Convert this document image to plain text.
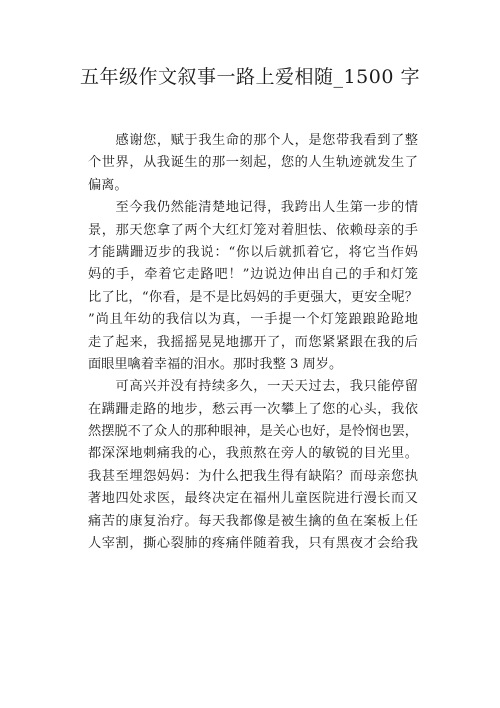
五年级作文叙事一路上爱相随_1500 字
　　感谢您，赋于我生命的那个人，是您带我看到了整
个世界，从我诞生的那一刻起，您的人生轨迹就发生了
偏离。
　　至今我仍然能清楚地记得，我跨出人生第一步的情
景，那天您拿了两个大红灯笼对着胆怯、依赖母亲的手
才能蹒跚迈步的我说：“你以后就抓着它，将它当作妈
妈的手，牵着它走路吧！”边说边伸出自己的手和灯笼
比了比，“你看，是不是比妈妈的手更强大，更安全呢？
”尚且年幼的我信以为真，一手提一个灯笼踉踉跄跄地
走了起来，我摇摇晃晃地挪开了，而您紧紧跟在我的后
面眼里噙着幸福的泪水。那时我整 3 周岁。
　　可高兴并没有持续多久，一天天过去，我只能停留
在蹒跚走路的地步，愁云再一次攀上了您的心头，我依
然摆脱不了众人的那种眼神，是关心也好，是怜悯也罢，
都深深地刺痛我的心，我煎熬在旁人的敏锐的目光里。
我甚至埋怨妈妈：为什么把我生得有缺陷？而母亲您执
著地四处求医，最终决定在福州儿童医院进行漫长而又
痛苦的康复治疗。每天我都像是被生擒的鱼在案板上任
人宰割，撕心裂肺的疼痛伴随着我，只有黑夜才会给我
